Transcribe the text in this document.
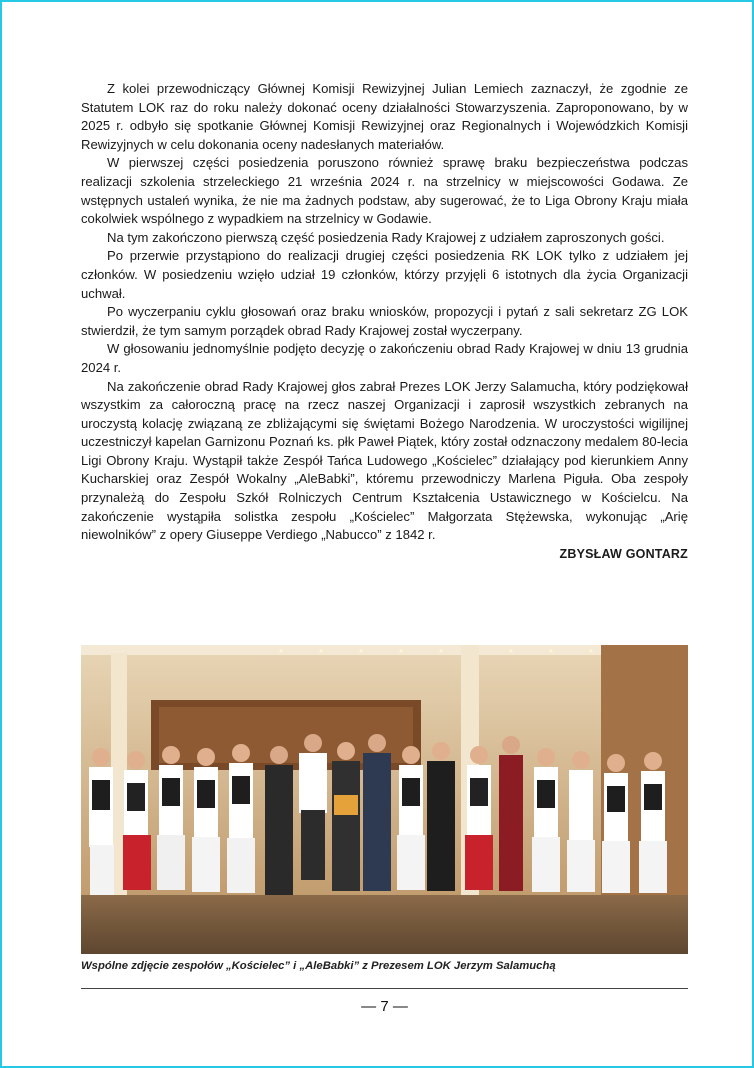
Z kolei przewodniczący Głównej Komisji Rewizyjnej Julian Lemiech zaznaczył, że zgodnie ze Statutem LOK raz do roku należy dokonać oceny działalności Stowarzyszenia. Zaproponowano, by w 2025 r. odbyło się spotkanie Głównej Komisji Rewizyjnej oraz Regionalnych i Wojewódzkich Komisji Rewizyjnych w celu dokonania oceny nadesłanych materiałów.

W pierwszej części posiedzenia poruszono również sprawę braku bezpieczeństwa podczas realizacji szkolenia strzeleckiego 21 września 2024 r. na strzelnicy w miejscowości Godawa. Ze wstępnych ustaleń wynika, że nie ma żadnych podstaw, aby sugerować, że to Liga Obrony Kraju miała cokolwiek wspólnego z wypadkiem na strzelnicy w Godawie.

Na tym zakończono pierwszą część posiedzenia Rady Krajowej z udziałem zaproszonych gości.

Po przerwie przystąpiono do realizacji drugiej części posiedzenia RK LOK tylko z udziałem jej członków. W posiedzeniu wzięło udział 19 członków, którzy przyjęli 6 istotnych dla życia Organizacji uchwał.

Po wyczerpaniu cyklu głosowań oraz braku wniosków, propozycji i pytań z sali sekretarz ZG LOK stwierdził, że tym samym porządek obrad Rady Krajowej został wyczerpany.

W głosowaniu jednomyślnie podjęto decyzję o zakończeniu obrad Rady Krajowej w dniu 13 grudnia 2024 r.

Na zakończenie obrad Rady Krajowej głos zabrał Prezes LOK Jerzy Salamucha, który podziękował wszystkim za całoroczną pracę na rzecz naszej Organizacji i zaprosił wszystkich zebranych na uroczystą kolację związaną ze zbliżającymi się świętami Bożego Narodzenia. W uroczystości wigilijnej uczestniczył kapelan Garnizonu Poznań ks. płk Paweł Piątek, który został odznaczony medalem 80-lecia Ligi Obrony Kraju. Wystąpił także Zespół Tańca Ludowego „Kościelec” działający pod kierunkiem Anny Kucharskiej oraz Zespół Wokalny „AleBabki”, któremu przewodniczy Marlena Piguła. Oba zespoły przynależą do Zespołu Szkół Rolniczych Centrum Kształcenia Ustawicznego w Kościelcu. Na zakończenie wystąpiła solistka zespołu „Kościelec” Małgorzata Stężewska, wykonując „Arię niewolników” z opery Giuseppe Verdiego „Nabucco” z 1842 r.

ZBYSŁAW GONTARZ

Wspólne zdjęcie zespołów „Kościelec” i „AleBabki” z Prezesem LOK Jerzym Salamuchą
— 7 —
